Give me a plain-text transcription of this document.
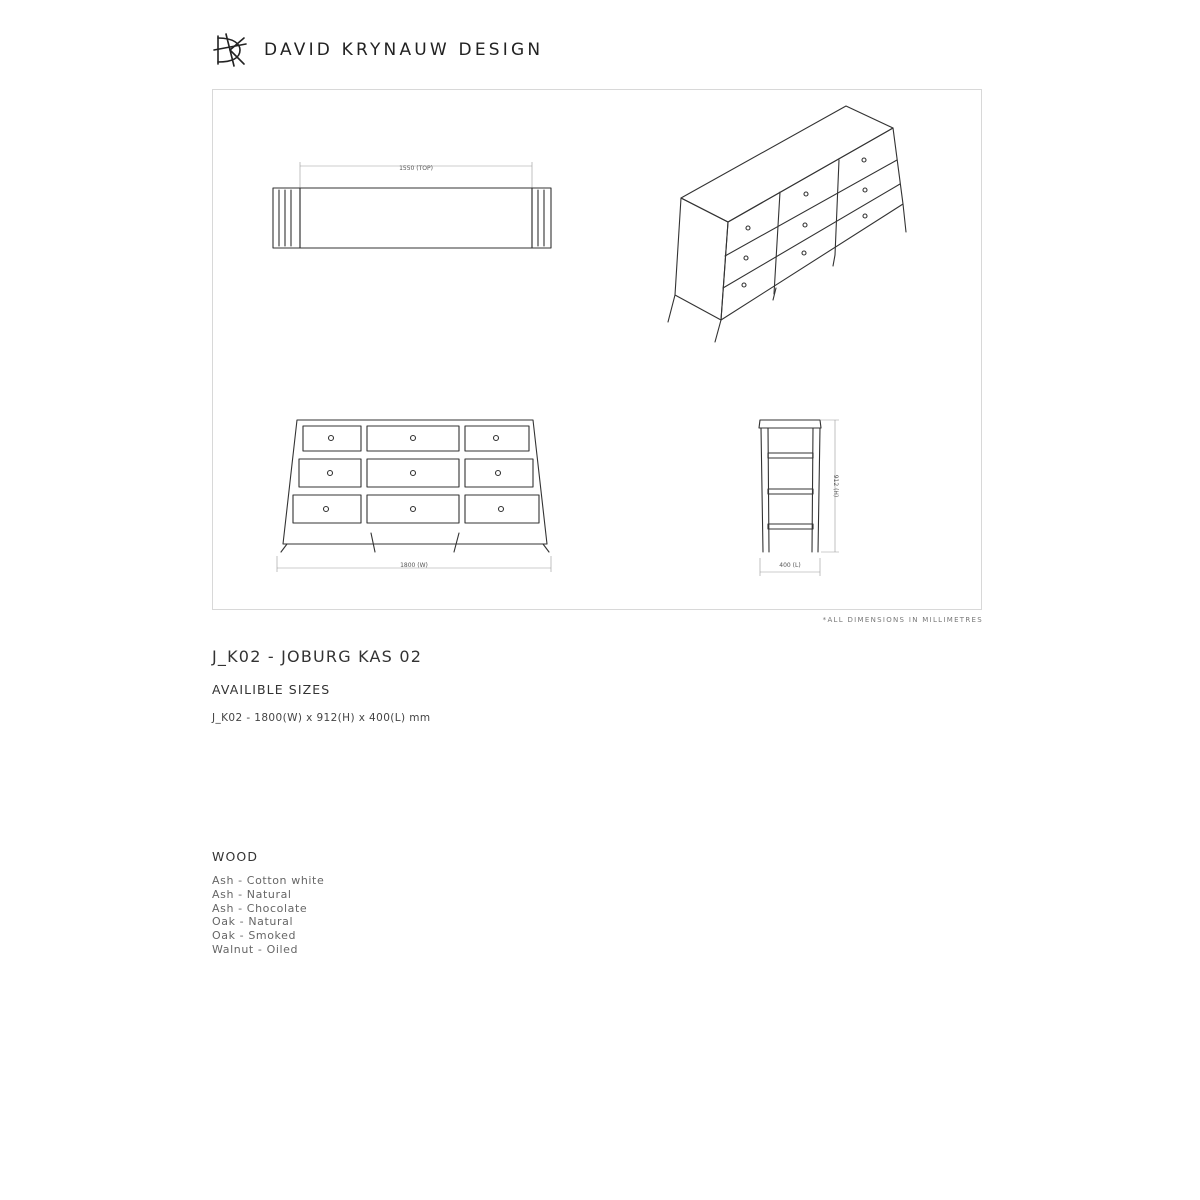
DAVID KRYNAUW DESIGN
1550 (TOP)
1800 (W)
912 (H)
400 (L)
*ALL DIMENSIONS IN MILLIMETRES
J_K02 - JOBURG KAS 02
AVAILIBLE SIZES
J_K02 - 1800(W) x 912(H) x 400(L) mm
WOOD
Ash - Cotton white
Ash - Natural
Ash - Chocolate
Oak - Natural
Oak - Smoked
Walnut - Oiled
